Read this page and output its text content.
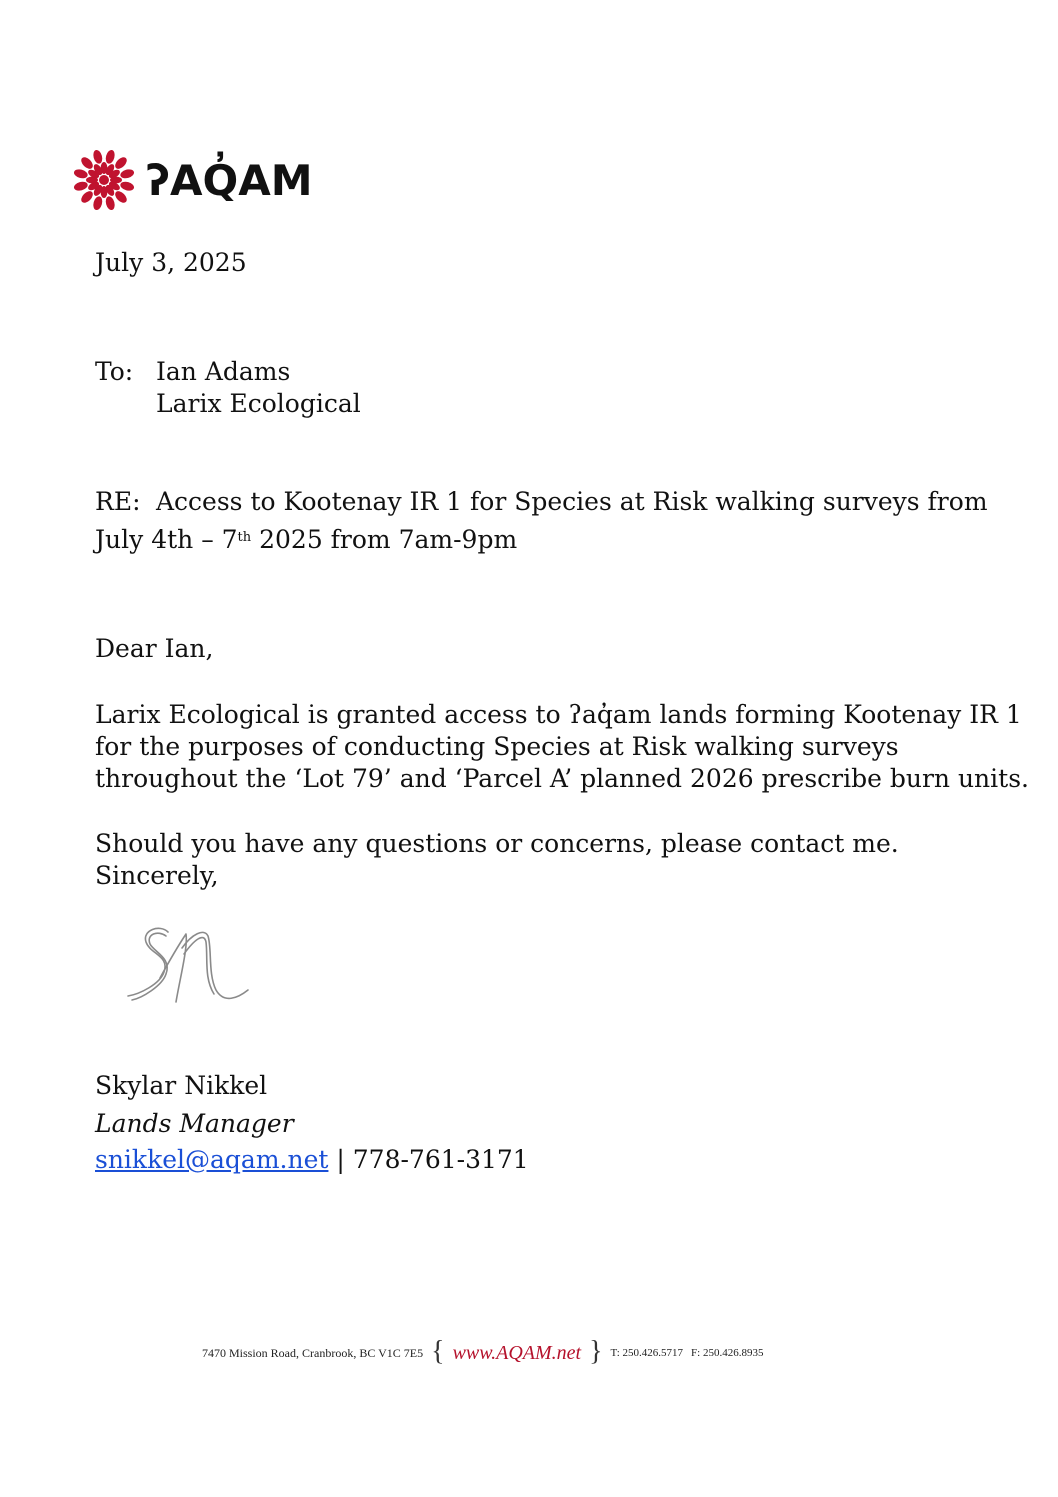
ʔAQ̓AM
July 3, 2025
To: Ian Adams
Larix Ecological
RE: Access to Kootenay IR 1 for Species at Risk walking surveys from
July 4th – 7th 2025 from 7am-9pm
Dear Ian,
Larix Ecological is granted access to ʔaq̓am lands forming Kootenay IR 1
for the purposes of conducting Species at Risk walking surveys
throughout the ‘Lot 79’ and ‘Parcel A’ planned 2026 prescribe burn units.
Should you have any questions or concerns, please contact me.
Sincerely,
Skylar Nikkel
Lands Manager
snikkel@aqam.net | 778-761-3171
7470 Mission Road, Cranbrook, BC V1C 7E5 { www.AQAM.net } T: 250.426.5717 F: 250.426.8935
